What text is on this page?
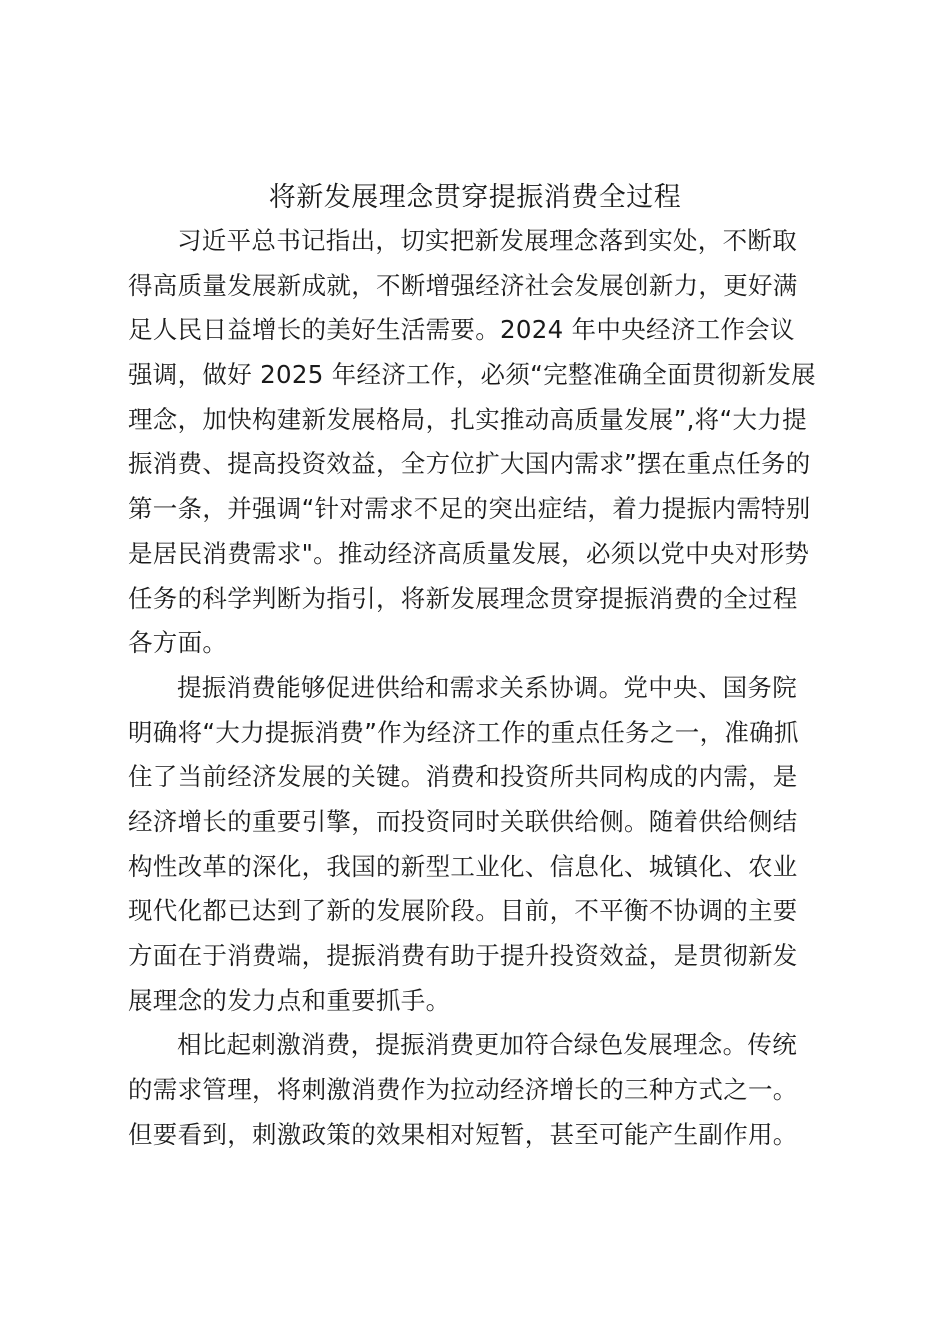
将新发展理念贯穿提振消费全过程
习近平总书记指出，切实把新发展理念落到实处，不断取
得高质量发展新成就，不断增强经济社会发展创新力，更好满
足人民日益增长的美好生活需要。2024 年中央经济工作会议
强调，做好 2025 年经济工作，必须“完整准确全面贯彻新发展
理念，加快构建新发展格局，扎实推动高质量发展”,将“大力提
振消费、提高投资效益，全方位扩大国内需求”摆在重点任务的
第一条，并强调“针对需求不足的突出症结，着力提振内需特别
是居民消费需求"。推动经济高质量发展，必须以党中央对形势
任务的科学判断为指引，将新发展理念贯穿提振消费的全过程
各方面。
提振消费能够促进供给和需求关系协调。党中央、国务院
明确将“大力提振消费”作为经济工作的重点任务之一，准确抓
住了当前经济发展的关键。消费和投资所共同构成的内需，是
经济增长的重要引擎，而投资同时关联供给侧。随着供给侧结
构性改革的深化，我国的新型工业化、信息化、城镇化、农业
现代化都已达到了新的发展阶段。目前，不平衡不协调的主要
方面在于消费端，提振消费有助于提升投资效益，是贯彻新发
展理念的发力点和重要抓手。
相比起刺激消费，提振消费更加符合绿色发展理念。传统
的需求管理，将刺激消费作为拉动经济增长的三种方式之一。
但要看到，刺激政策的效果相对短暂，甚至可能产生副作用。
